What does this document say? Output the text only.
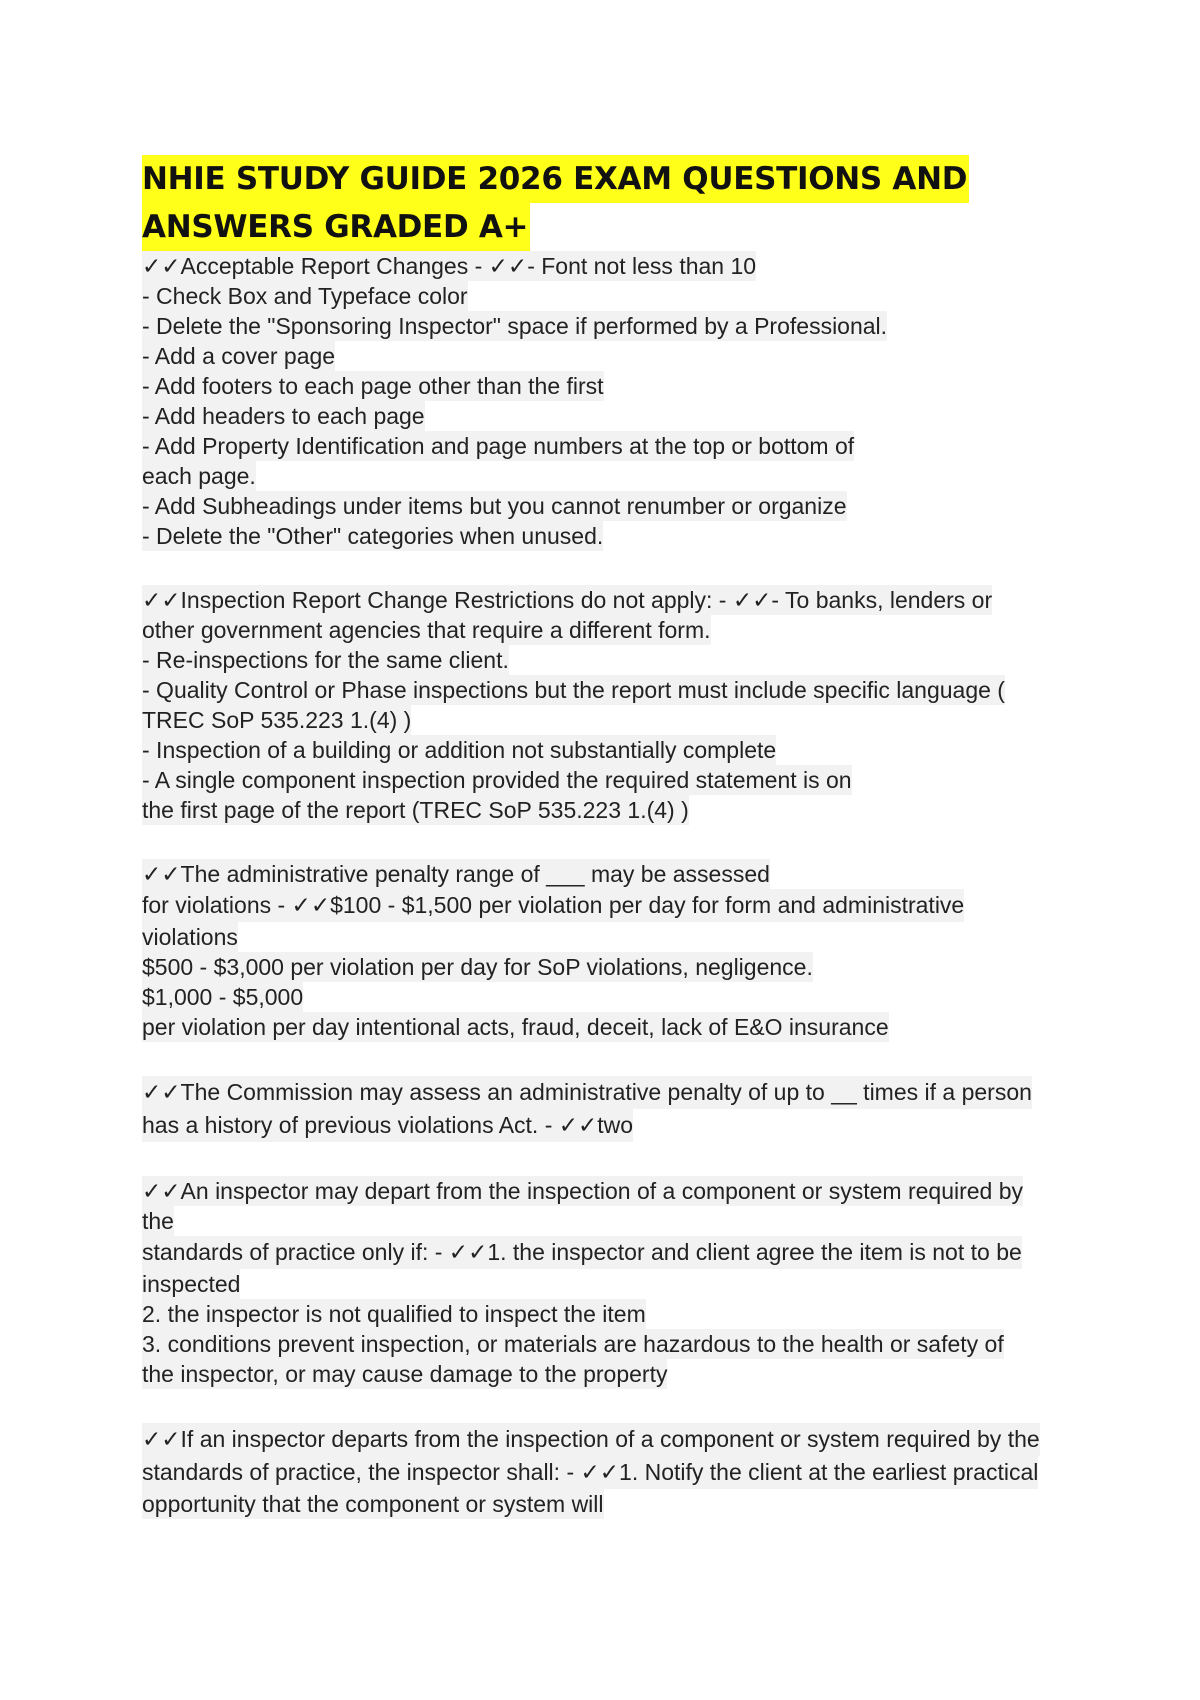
NHIE STUDY GUIDE 2026 EXAM QUESTIONS AND
ANSWERS GRADED A+
✓✓Acceptable Report Changes - ✓✓- Font not less than 10
- Check Box and Typeface color
- Delete the "Sponsoring Inspector" space if performed by a Professional.
- Add a cover page
- Add footers to each page other than the first
- Add headers to each page
- Add Property Identification and page numbers at the top or bottom of
each page.
- Add Subheadings under items but you cannot renumber or organize
- Delete the "Other" categories when unused.
✓✓Inspection Report Change Restrictions do not apply: - ✓✓- To banks, lenders or
other government agencies that require a different form.
- Re-inspections for the same client.
- Quality Control or Phase inspections but the report must include specific language (
TREC SoP 535.223 1.(4) )
- Inspection of a building or addition not substantially complete
- A single component inspection provided the required statement is on
the first page of the report (TREC SoP 535.223 1.(4) )
✓✓The administrative penalty range of ___ may be assessed
for violations - ✓✓$100 - $1,500 per violation per day for form and administrative
violations
$500 - $3,000 per violation per day for SoP violations, negligence.
$1,000 - $5,000
per violation per day intentional acts, fraud, deceit, lack of E&O insurance
✓✓The Commission may assess an administrative penalty of up to __ times if a person
has a history of previous violations Act. - ✓✓two
✓✓An inspector may depart from the inspection of a component or system required by
the
standards of practice only if: - ✓✓1. the inspector and client agree the item is not to be
inspected
2. the inspector is not qualified to inspect the item
3. conditions prevent inspection, or materials are hazardous to the health or safety of
the inspector, or may cause damage to the property
✓✓If an inspector departs from the inspection of a component or system required by the
standards of practice, the inspector shall: - ✓✓1. Notify the client at the earliest practical
opportunity that the component or system will
